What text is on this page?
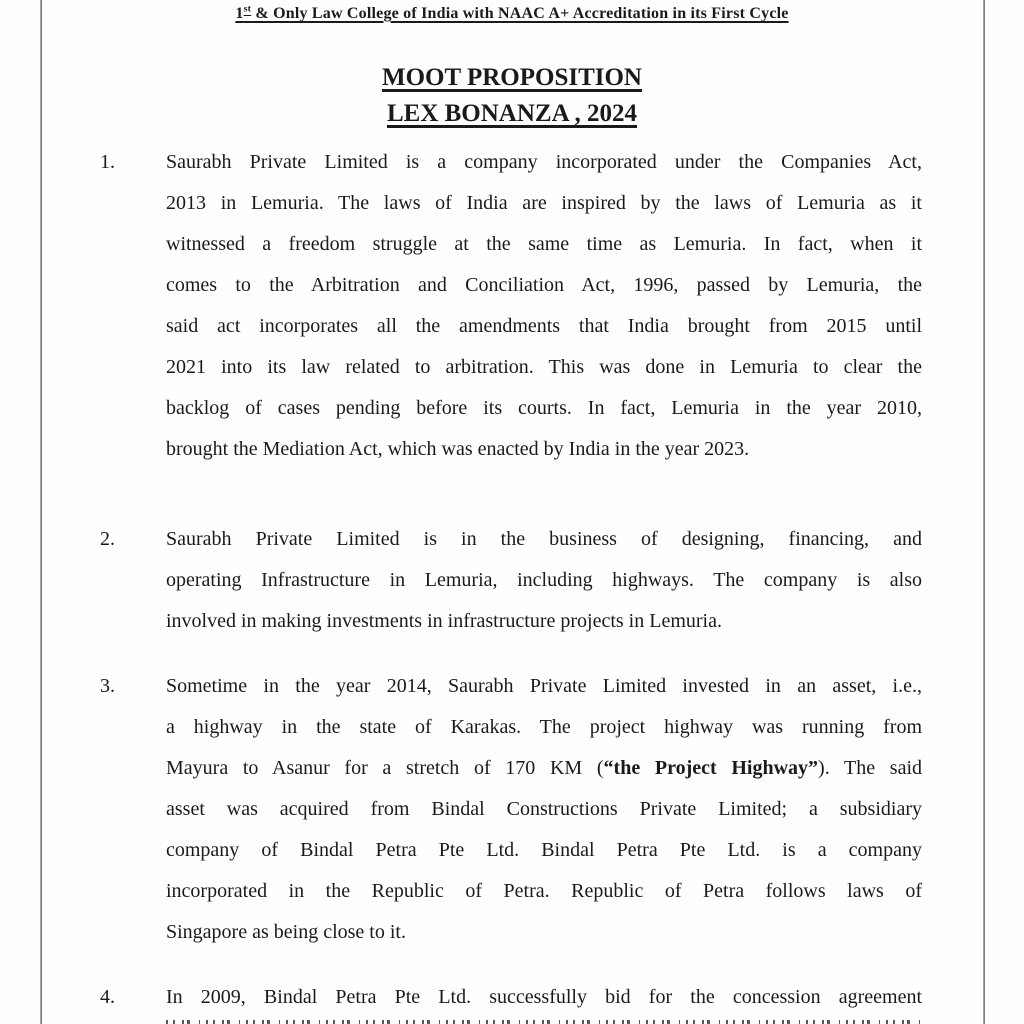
1st & Only Law College of India with NAAC A+ Accreditation in its First Cycle
MOOT PROPOSITION
LEX BONANZA , 2024
1.	Saurabh Private Limited is a company incorporated under the Companies Act,
2013 in Lemuria. The laws of India are inspired by the laws of Lemuria as it
witnessed a freedom struggle at the same time as Lemuria. In fact, when it
comes to the Arbitration and Conciliation Act, 1996, passed by Lemuria, the
said act incorporates all the amendments that India brought from 2015 until
2021 into its law related to arbitration. This was done in Lemuria to clear the
backlog of cases pending before its courts. In fact, Lemuria in the year 2010,
brought the Mediation Act, which was enacted by India in the year 2023.
2.	Saurabh Private Limited is in the business of designing, financing, and
operating Infrastructure in Lemuria, including highways. The company is also
involved in making investments in infrastructure projects in Lemuria.
3.	Sometime in the year 2014, Saurabh Private Limited invested in an asset, i.e.,
a highway in the state of Karakas. The project highway was running from
Mayura to Asanur for a stretch of 170 KM (“the Project Highway”). The said
asset was acquired from Bindal Constructions Private Limited; a subsidiary
company of Bindal Petra Pte Ltd. Bindal Petra Pte Ltd. is a company
incorporated in the Republic of Petra. Republic of Petra follows laws of
Singapore as being close to it.
4.	In 2009, Bindal Petra Pte Ltd. successfully bid for the concession agreement
